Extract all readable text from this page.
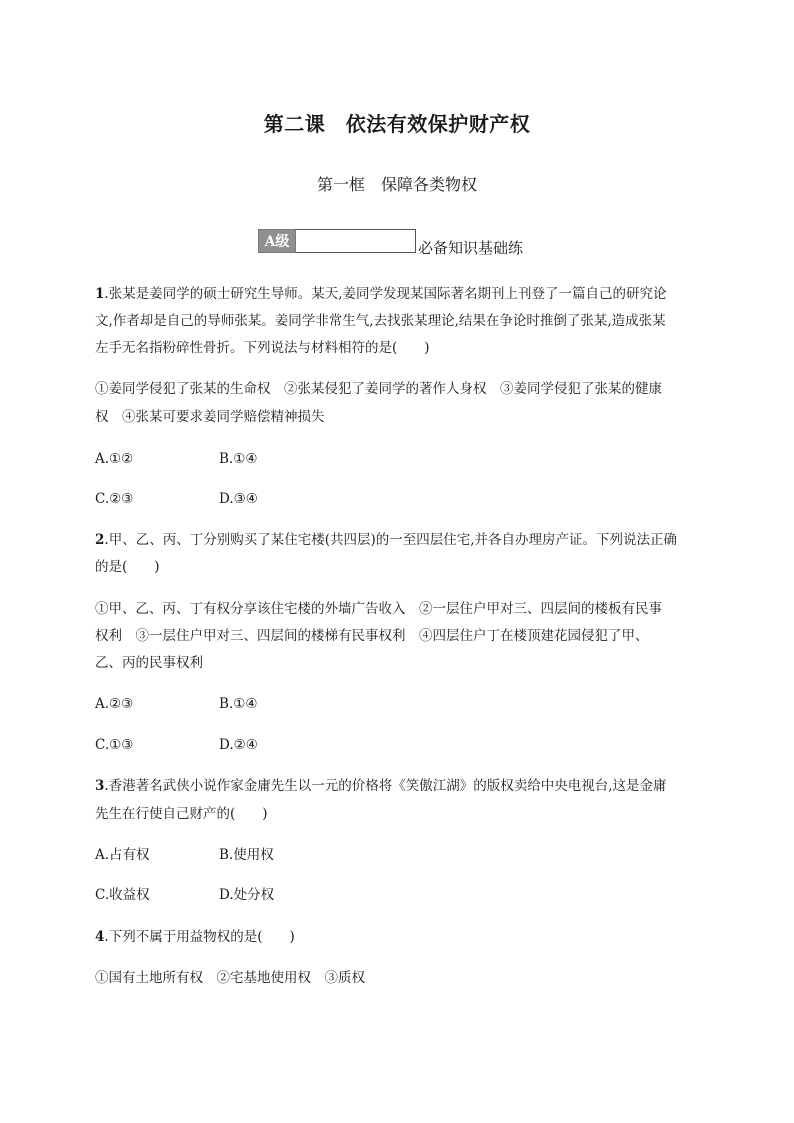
第二课　依法有效保护财产权
第一框　保障各类物权
A级	必备知识基础练
1.张某是姜同学的硕士研究生导师。某天,姜同学发现某国际著名期刊上刊登了一篇自己的研究论
文,作者却是自己的导师张某。姜同学非常生气,去找张某理论,结果在争论时推倒了张某,造成张某
左手无名指粉碎性骨折。下列说法与材料相符的是(　　)
①姜同学侵犯了张某的生命权　②张某侵犯了姜同学的著作人身权　③姜同学侵犯了张某的健康
权　④张某可要求姜同学赔偿精神损失
A.①②	B.①④
C.②③	D.③④
2.甲、乙、丙、丁分别购买了某住宅楼(共四层)的一至四层住宅,并各自办理房产证。下列说法正确
的是(　　)
①甲、乙、丙、丁有权分享该住宅楼的外墙广告收入　②一层住户甲对三、四层间的楼板有民事
权利　③一层住户甲对三、四层间的楼梯有民事权利　④四层住户丁在楼顶建花园侵犯了甲、
乙、丙的民事权利
A.②③	B.①④
C.①③	D.②④
3.香港著名武侠小说作家金庸先生以一元的价格将《笑傲江湖》的版权卖给中央电视台,这是金庸
先生在行使自己财产的(　　)
A.占有权	B.使用权
C.收益权	D.处分权
4.下列不属于用益物权的是(　　)
①国有土地所有权　②宅基地使用权　③质权
